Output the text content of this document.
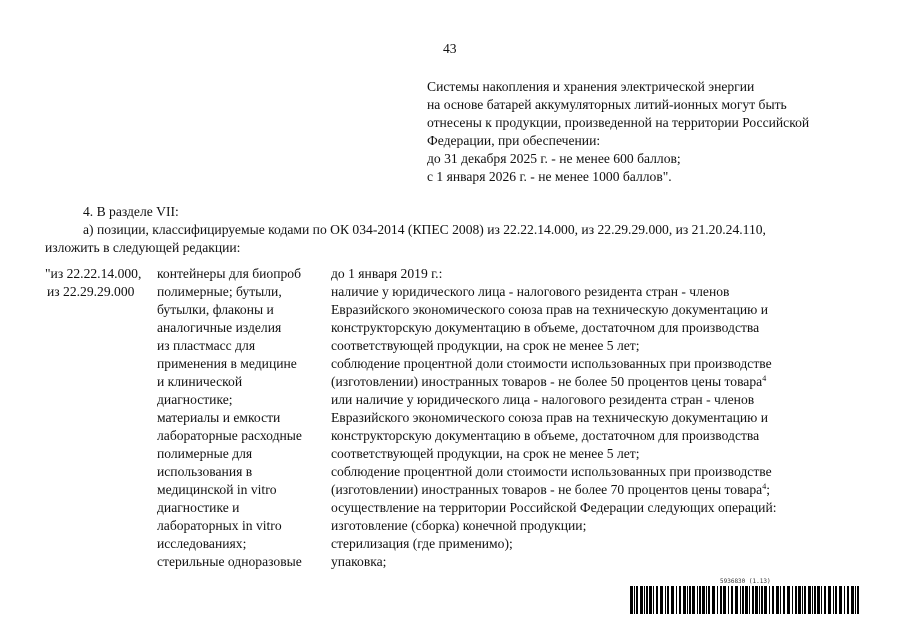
43
Системы накопления и хранения электрической энергии
на основе батарей аккумуляторных литий-ионных могут быть
отнесены к продукции, произведенной на территории Российской
Федерации, при обеспечении:
до 31 декабря 2025 г. - не менее 600 баллов;
с 1 января 2026 г. - не менее 1000 баллов".
4. В разделе VII:
а) позиции, классифицируемые кодами по ОК 034-2014 (КПЕС 2008) из 22.22.14.000, из 22.29.29.000, из 21.20.24.110,
изложить в следующей редакции:
"из 22.22.14.000,
из 22.29.29.000
контейнеры для биопроб
полимерные; бутыли,
бутылки, флаконы и
аналогичные изделия
из пластмасс для
применения в медицине
и клинической
диагностике;
материалы и емкости
лабораторные расходные
полимерные для
использования в
медицинской in vitro
диагностике и
лабораторных in vitro
исследованиях;
стерильные одноразовые
до 1 января 2019 г.:
наличие у юридического лица - налогового резидента стран - членов
Евразийского экономического союза прав на техническую документацию и
конструкторскую документацию в объеме, достаточном для производства
соответствующей продукции, на срок не менее 5 лет;
соблюдение процентной доли стоимости использованных при производстве
(изготовлении) иностранных товаров - не более 50 процентов цены товара$^4$
или наличие у юридического лица - налогового резидента стран - членов
Евразийского экономического союза прав на техническую документацию и
конструкторскую документацию в объеме, достаточном для производства
соответствующей продукции, на срок не менее 5 лет;
соблюдение процентной доли стоимости использованных при производстве
(изготовлении) иностранных товаров - не более 70 процентов цены товара$^4$;
осуществление на территории Российской Федерации следующих операций:
изготовление (сборка) конечной продукции;
стерилизация (где применимо);
упаковка;
5936830 (1.13)
